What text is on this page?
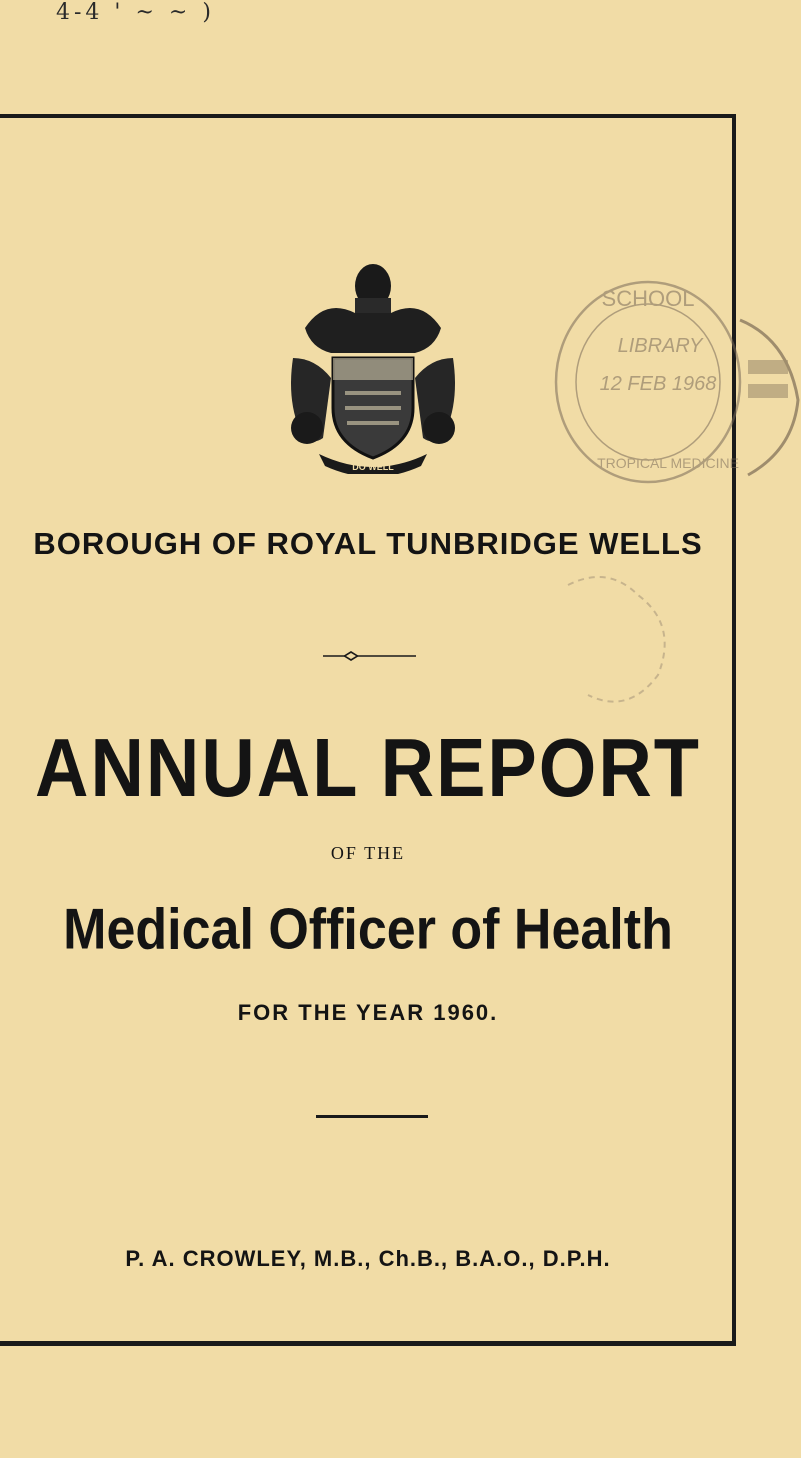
4-4 ' ~ ~ )
DO WELL
SCHOOL
LIBRARY
12 FEB 1968
TROPICAL MEDICINE
BOROUGH OF ROYAL TUNBRIDGE WELLS
ANNUAL REPORT
OF THE
Medical Officer of Health
FOR THE YEAR 1960.
P. A. CROWLEY, M.B., Ch.B., B.A.O., D.P.H.
